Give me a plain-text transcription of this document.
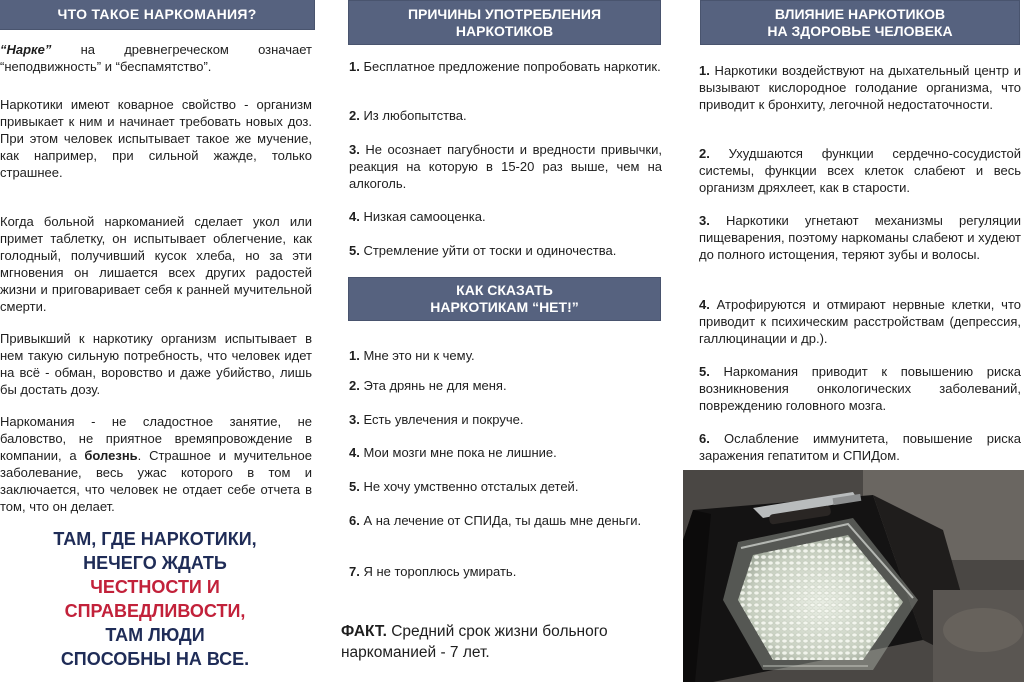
ЧТО ТАКОЕ НАРКОМАНИЯ?

“Нарке” на древнегреческом означает “неподвижность” и “беспамятство”.

Наркотики имеют коварное свойство - организм привыкает к ним и начинает требовать новых доз. При этом человек испытывает такое же мучение, как например, при сильной жажде, только страшнее.

Когда больной наркоманией сделает укол или примет таблетку, он испытывает облегчение, как голодный, получивший кусок хлеба, но за эти мгновения он лишается всех других радостей жизни и приговаривает себя к ранней мучительной смерти.

Привыкший к наркотику организм испытывает в нем такую сильную потребность, что человек идет на всё - обман, воровство и даже убийство, лишь бы достать дозу.

Наркомания - не сладостное занятие, не баловство, не приятное времяпровождение в компании, а болезнь. Страшное и мучительное заболевание, весь ужас которого в том и заключается, что человек не отдает себе отчета в том, что он делает.

ТАМ, ГДЕ НАРКОТИКИ,
НЕЧЕГО ЖДАТЬ
ЧЕСТНОСТИ И
СПРАВЕДЛИВОСТИ,
ТАМ ЛЮДИ
СПОСОБНЫ НА ВСЕ.
ПРИЧИНЫ УПОТРЕБЛЕНИЯ
НАРКОТИКОВ
1. Бесплатное предложение попробовать наркотик.
2. Из любопытства.
3. Не осознает пагубности и вредности привычки, реакция на которую в 15-20 раз выше, чем на алкоголь.
4. Низкая самооценка.
5. Стремление уйти от тоски и одиночества.
КАК СКАЗАТЬ
НАРКОТИКАМ “НЕТ!”
1. Мне это ни к чему.
2. Эта дрянь не для меня.
3. Есть увлечения и покруче.
4. Мои мозги мне пока не лишние.
5. Не хочу умственно отсталых детей.
6. А на лечение от СПИДа, ты дашь мне деньги.
7. Я не тороплюсь умирать.
ФАКТ. Средний срок жизни больного наркоманией - 7 лет.
ВЛИЯНИЕ НАРКОТИКОВ
НА ЗДОРОВЬЕ ЧЕЛОВЕКА
1. Наркотики воздействуют на дыхательный центр и вызывают кислородное голодание организма, что приводит к бронхиту, легочной недостаточности.
2. Ухудшаются функции сердечно-сосудистой системы, функции всех клеток слабеют и весь организм дряхлеет, как в старости.
3. Наркотики угнетают механизмы регуляции пищеварения, поэтому наркоманы слабеют и худеют до полного истощения, теряют зубы и волосы.
4. Атрофируются и отмирают нервные клетки, что приводит к психическим расстройствам (депрессия, галлюцинации и др.).
5. Наркомания приводит к повышению риска возникновения онкологических заболеваний, повреждению головного мозга.
6. Ослабление иммунитета, повышение риска заражения гепатитом и СПИДом.
